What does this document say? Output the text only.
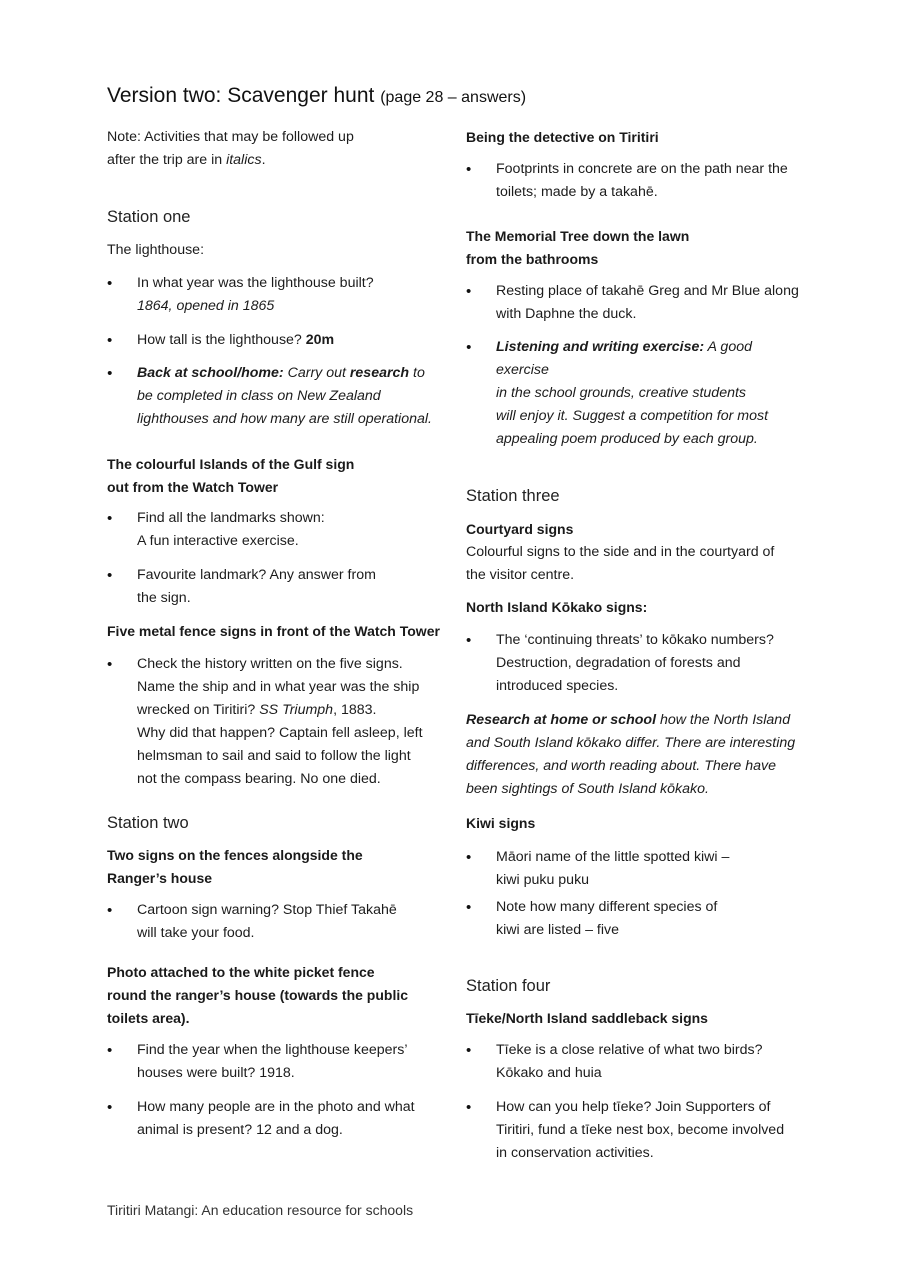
Version two: Scavenger hunt (page 28 – answers)

Note: Activities that may be followed up
after the trip are in italics.

Station one

The lighthouse:

• In what year was the lighthouse built?
1864, opened in 1865
• How tall is the lighthouse? 20m
• Back at school/home: Carry out research to
be completed in class on New Zealand
lighthouses and how many are still operational.

The colourful Islands of the Gulf sign
out from the Watch Tower

• Find all the landmarks shown:
A fun interactive exercise.
• Favourite landmark? Any answer from
the sign.

Five metal fence signs in front of the Watch Tower

• Check the history written on the five signs.
Name the ship and in what year was the ship
wrecked on Tiritiri? SS Triumph, 1883.
Why did that happen? Captain fell asleep, left
helmsman to sail and said to follow the light
not the compass bearing. No one died.

Station two

Two signs on the fences alongside the
Ranger’s house

• Cartoon sign warning? Stop Thief Takahē
will take your food.

Photo attached to the white picket fence
round the ranger’s house (towards the public
toilets area).

• Find the year when the lighthouse keepers’
houses were built? 1918.
• How many people are in the photo and what
animal is present? 12 and a dog.

Being the detective on Tiritiri

• Footprints in concrete are on the path near the
toilets; made by a takahē.

The Memorial Tree down the lawn
from the bathrooms

• Resting place of takahē Greg and Mr Blue along
with Daphne the duck.
• Listening and writing exercise: A good exercise
in the school grounds, creative students
will enjoy it. Suggest a competition for most
appealing poem produced by each group.

Station three

Courtyard signs

Colourful signs to the side and in the courtyard of
the visitor centre.

North Island Kōkako signs:

• The ‘continuing threats’ to kōkako numbers?
Destruction, degradation of forests and
introduced species.

Research at home or school how the North Island
and South Island kōkako differ. There are interesting
differences, and worth reading about. There have
been sightings of South Island kōkako.

Kiwi signs

• Māori name of the little spotted kiwi –
kiwi puku puku
• Note how many different species of
kiwi are listed – five

Station four

Tīeke/North Island saddleback signs

• Tīeke is a close relative of what two birds?
Kōkako and huia
• How can you help tīeke? Join Supporters of
Tiritiri, fund a tīeke nest box, become involved
in conservation activities.
Tiritiri Matangi: An education resource for schools
